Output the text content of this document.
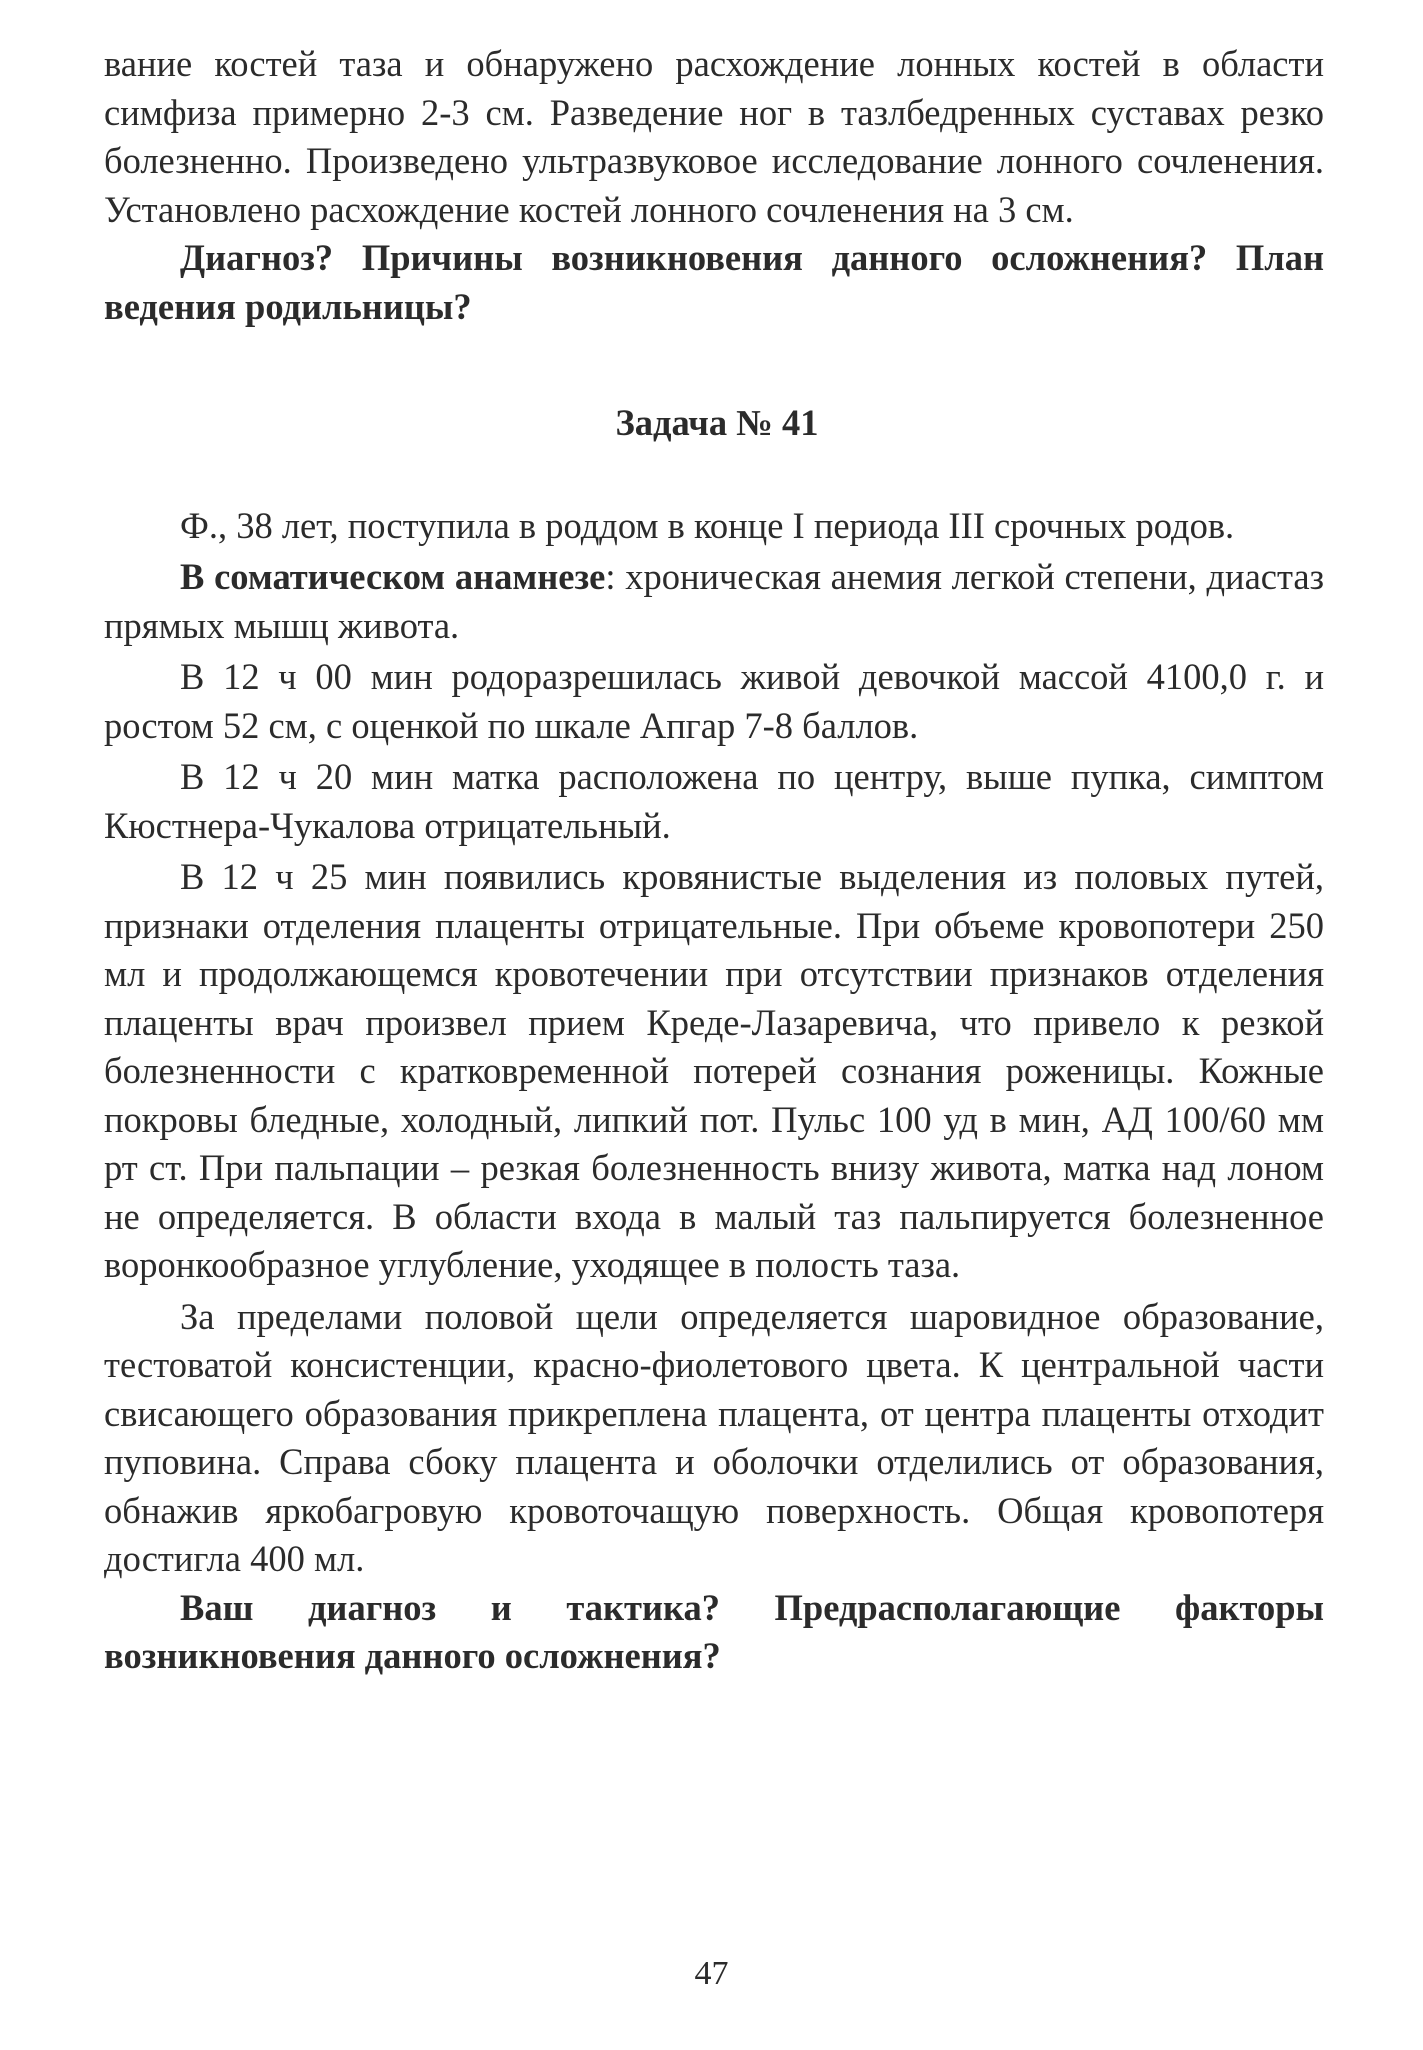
вание костей таза и обнаружено расхождение лонных костей в области симфиза примерно 2-3 см. Разведение ног в тазлбедренных суставах резко болезненно. Произведено ультразвуковое исследование лонного сочленения. Установлено расхождение костей лонного сочленения на 3 см.

Диагноз? Причины возникновения данного осложнения? План ведения родильницы?

Задача № 41

Ф., 38 лет, поступила в роддом в конце I периода III срочных родов.

В соматическом анамнезе: хроническая анемия легкой степени, диастаз прямых мышц живота.

В 12 ч 00 мин родоразрешилась живой девочкой массой 4100,0 г. и ростом 52 см, с оценкой по шкале Апгар 7-8 баллов.

В 12 ч 20 мин матка расположена по центру, выше пупка, симптом Кюстнера-Чукалова отрицательный.

В 12 ч 25 мин появились кровянистые выделения из половых путей, признаки отделения плаценты отрицательные. При объеме кровопотери 250 мл и продолжающемся кровотечении при отсутствии признаков отделения плаценты врач произвел прием Креде-Лазаревича, что привело к резкой болезненности с кратковременной потерей сознания роженицы. Кожные покровы бледные, холодный, липкий пот. Пульс 100 уд в мин, АД 100/60 мм рт ст. При пальпации – резкая болезненность внизу живота, матка над лоном не определяется. В области входа в малый таз пальпируется болезненное воронкообразное углубление, уходящее в полость таза.

За пределами половой щели определяется шаровидное образование, тестоватой консистенции, красно-фиолетового цвета. К центральной части свисающего образования прикреплена плацента, от центра плаценты отходит пуповина. Справа сбоку плацента и оболочки отделились от образования, обнажив яркобагровую кровоточащую поверхность. Общая кровопотеря достигла 400 мл.

Ваш диагноз и тактика? Предрасполагающие факторы возникновения данного осложнения?

47
